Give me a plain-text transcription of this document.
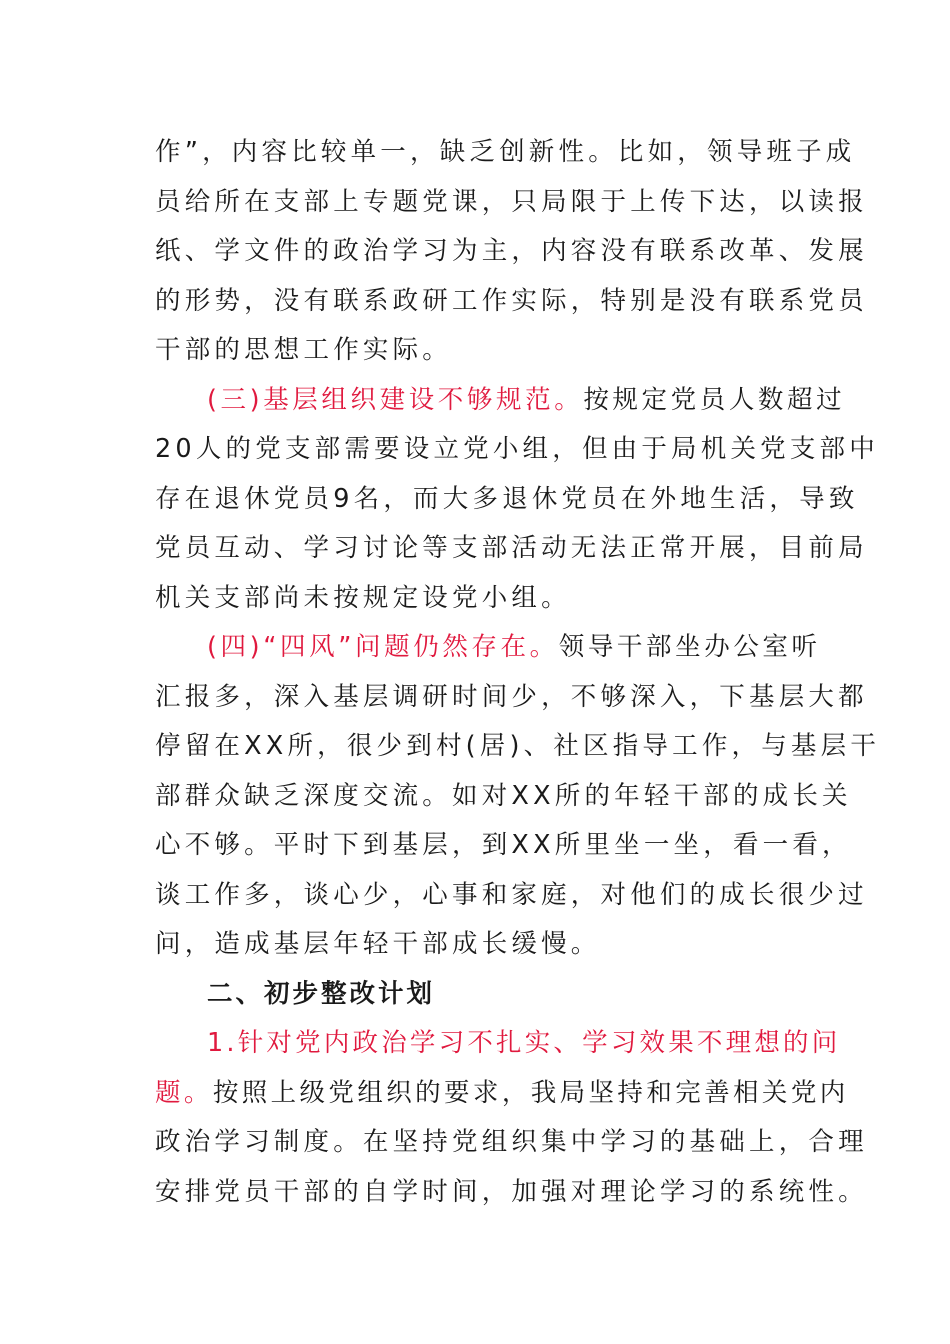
作”，内容比较单一，缺乏创新性。比如，领导班子成
员给所在支部上专题党课，只局限于上传下达，以读报
纸、学文件的政治学习为主，内容没有联系改革、发展
的形势，没有联系政研工作实际，特别是没有联系党员
干部的思想工作实际。
(三)基层组织建设不够规范。按规定党员人数超过
20人的党支部需要设立党小组，但由于局机关党支部中
存在退休党员9名，而大多退休党员在外地生活，导致
党员互动、学习讨论等支部活动无法正常开展，目前局
机关支部尚未按规定设党小组。
(四)“四风”问题仍然存在。领导干部坐办公室听
汇报多，深入基层调研时间少，不够深入，下基层大都
停留在XX所，很少到村(居)、社区指导工作，与基层干
部群众缺乏深度交流。如对XX所的年轻干部的成长关
心不够。平时下到基层，到XX所里坐一坐，看一看，
谈工作多，谈心少，心事和家庭，对他们的成长很少过
问，造成基层年轻干部成长缓慢。
二、初步整改计划
1.针对党内政治学习不扎实、学习效果不理想的问
题。按照上级党组织的要求，我局坚持和完善相关党内
政治学习制度。在坚持党组织集中学习的基础上，合理
安排党员干部的自学时间，加强对理论学习的系统性。
